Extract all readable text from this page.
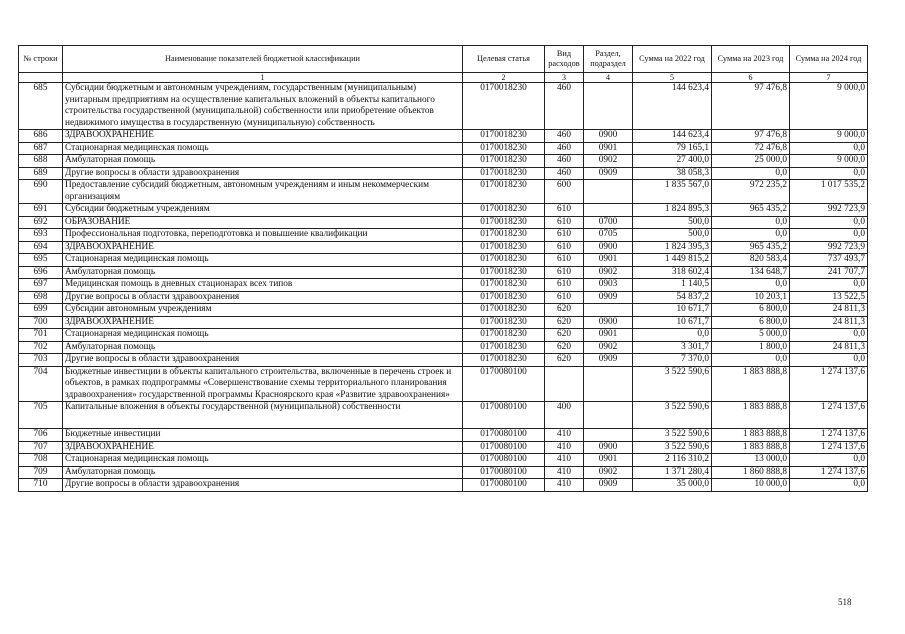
№ строки	Наименование показателей бюджетной классификации	Целевая статья	Вид расходов	Раздел, подраздел	Сумма на 2022 год	Сумма на 2023 год	Сумма на 2024 год
	1	2	3	4	5	6	7
685	Субсидии бюджетным и автономным учреждениям, государственным (муниципальным) унитарным предприятиям на осуществление капитальных вложений в объекты капитального строительства государственной (муниципальной) собственности или приобретение объектов недвижимого имущества в государственную (муниципальную) собственность	0170018230	460		144 623,4	97 476,8	9 000,0
686	ЗДРАВООХРАНЕНИЕ	0170018230	460	0900	144 623,4	97 476,8	9 000,0
687	Стационарная медицинская помощь	0170018230	460	0901	79 165,1	72 476,8	0,0
688	Амбулаторная помощь	0170018230	460	0902	27 400,0	25 000,0	9 000,0
689	Другие вопросы в области здравоохранения	0170018230	460	0909	38 058,3	0,0	0,0
690	Предоставление субсидий бюджетным, автономным учреждениям и иным некоммерческим организациям	0170018230	600		1 835 567,0	972 235,2	1 017 535,2
691	Субсидии бюджетным учреждениям	0170018230	610		1 824 895,3	965 435,2	992 723,9
692	ОБРАЗОВАНИЕ	0170018230	610	0700	500,0	0,0	0,0
693	Профессиональная подготовка, переподготовка и повышение квалификации	0170018230	610	0705	500,0	0,0	0,0
694	ЗДРАВООХРАНЕНИЕ	0170018230	610	0900	1 824 395,3	965 435,2	992 723,9
695	Стационарная медицинская помощь	0170018230	610	0901	1 449 815,2	820 583,4	737 493,7
696	Амбулаторная помощь	0170018230	610	0902	318 602,4	134 648,7	241 707,7
697	Медицинская помощь в дневных стационарах всех типов	0170018230	610	0903	1 140,5	0,0	0,0
698	Другие вопросы в области здравоохранения	0170018230	610	0909	54 837,2	10 203,1	13 522,5
699	Субсидии автономным учреждениям	0170018230	620		10 671,7	6 800,0	24 811,3
700	ЗДРАВООХРАНЕНИЕ	0170018230	620	0900	10 671,7	6 800,0	24 811,3
701	Стационарная медицинская помощь	0170018230	620	0901	0,0	5 000,0	0,0
702	Амбулаторная помощь	0170018230	620	0902	3 301,7	1 800,0	24 811,3
703	Другие вопросы в области здравоохранения	0170018230	620	0909	7 370,0	0,0	0,0
704	Бюджетные инвестиции в объекты капитального строительства, включенные в перечень строек и объектов, в рамках подпрограммы «Совершенствование схемы территориального планирования здравоохранения» государственной программы Красноярского края «Развитие здравоохранения»	0170080100			3 522 590,6	1 883 888,8	1 274 137,6
705	Капитальные вложения в объекты государственной (муниципальной) собственности	0170080100	400		3 522 590,6	1 883 888,8	1 274 137,6
706	Бюджетные инвестиции	0170080100	410		3 522 590,6	1 883 888,8	1 274 137,6
707	ЗДРАВООХРАНЕНИЕ	0170080100	410	0900	3 522 590,6	1 883 888,8	1 274 137,6
708	Стационарная медицинская помощь	0170080100	410	0901	2 116 310,2	13 000,0	0,0
709	Амбулаторная помощь	0170080100	410	0902	1 371 280,4	1 860 888,8	1 274 137,6
710	Другие вопросы в области здравоохранения	0170080100	410	0909	35 000,0	10 000,0	0,0
518
